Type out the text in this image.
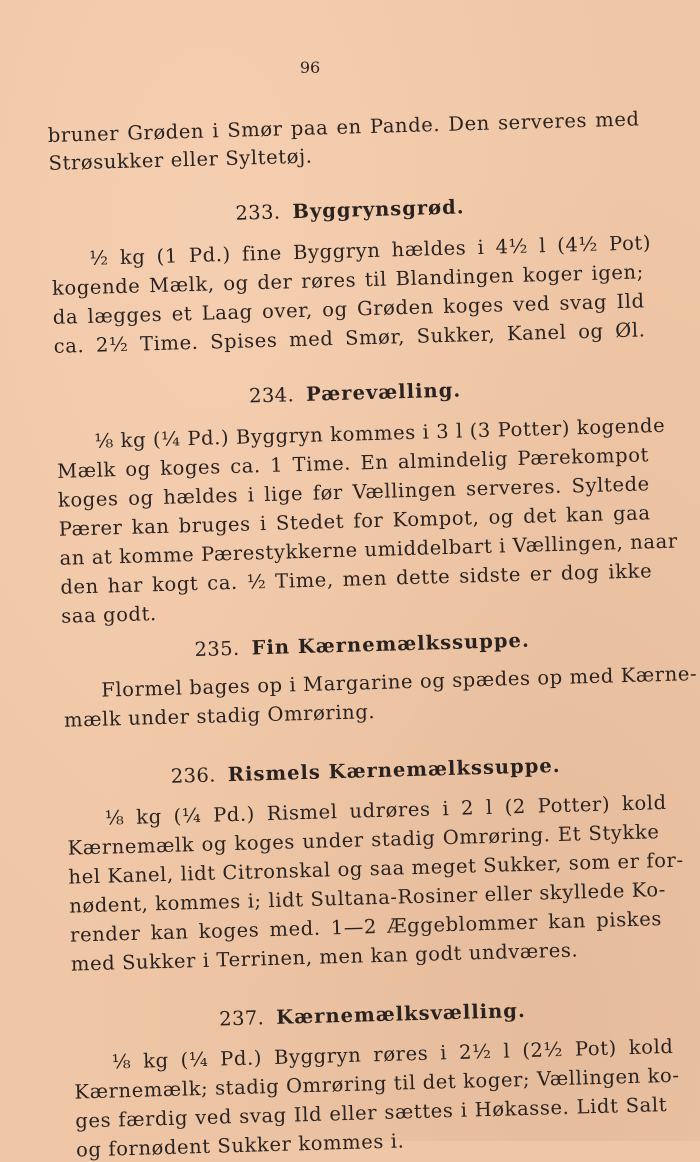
96
bruner Grøden i Smør paa en Pande. Den serveres med
Strøsukker eller Syltetøj.
233. Byggrynsgrød.
½ kg (1 Pd.) fine Byggryn hældes i 4½ l (4½ Pot)
kogende Mælk, og der røres til Blandingen koger igen;
da lægges et Laag over, og Grøden koges ved svag Ild
ca. 2½ Time. Spises med Smør, Sukker, Kanel og Øl.
234. Pærevælling.
⅛ kg (¼ Pd.) Byggryn kommes i 3 l (3 Potter) kogende
Mælk og koges ca. 1 Time. En almindelig Pærekompot
koges og hældes i lige før Vællingen serveres. Syltede
Pærer kan bruges i Stedet for Kompot, og det kan gaa
an at komme Pærestykkerne umiddelbart i Vællingen, naar
den har kogt ca. ½ Time, men dette sidste er dog ikke
saa godt.
235. Fin Kærnemælkssuppe.
Flormel bages op i Margarine og spædes op med Kærne-
mælk under stadig Omrøring.
236. Rismels Kærnemælkssuppe.
⅛ kg (¼ Pd.) Rismel udrøres i 2 l (2 Potter) kold
Kærnemælk og koges under stadig Omrøring. Et Stykke
hel Kanel, lidt Citronskal og saa meget Sukker, som er for-
nødent, kommes i; lidt Sultana-Rosiner eller skyllede Ko-
render kan koges med. 1—2 Æggeblommer kan piskes
med Sukker i Terrinen, men kan godt undværes.
237. Kærnemælksvælling.
⅛ kg (¼ Pd.) Byggryn røres i 2½ l (2½ Pot) kold
Kærnemælk; stadig Omrøring til det koger; Vællingen ko-
ges færdig ved svag Ild eller sættes i Høkasse. Lidt Salt
og fornødent Sukker kommes i.
